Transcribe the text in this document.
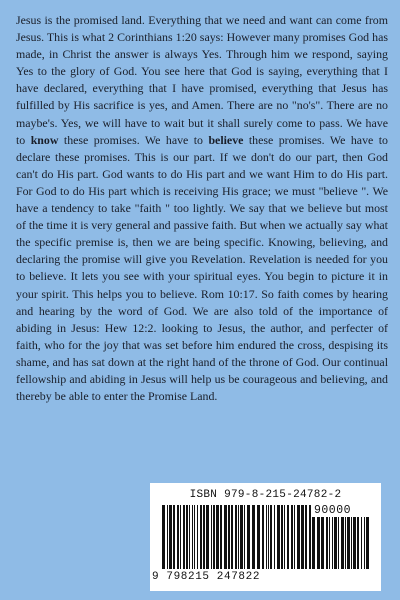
Jesus is the promised land. Everything that we need and want can come from Jesus. This is what 2 Corinthians 1:20 says: However many promises God has made, in Christ the answer is always Yes. Through him we respond, saying Yes to the glory of God. You see here that God is saying, everything that I have declared, everything that I have promised, everything that Jesus has fulfilled by His sacrifice is yes, and Amen. There are no "no's". There are no maybe's. Yes, we will have to wait but it shall surely come to pass. We have to know these promises. We have to believe these promises. We have to declare these promises. This is our part. If we don't do our part, then God can't do His part. God wants to do His part and we want Him to do His part. For God to do His part which is receiving His grace; we must "believe ". We have a tendency to take "faith " too lightly. We say that we believe but most of the time it is very general and passive faith. But when we actually say what the specific premise is, then we are being specific. Knowing, believing, and declaring the promise will give you Revelation. Revelation is needed for you to believe. It lets you see with your spiritual eyes. You begin to picture it in your spirit. This helps you to believe. Rom 10:17. So faith comes by hearing and hearing by the word of God. We are also told of the importance of abiding in Jesus: Hew 12:2. looking to Jesus, the author, and perfecter of faith, who for the joy that was set before him endured the cross, despising its shame, and has sat down at the right hand of the throne of God. Our continual fellowship and abiding in Jesus will help us be courageous and believing, and thereby be able to enter the Promise Land.

ISBN 979-8-215-24782-2
90000
9 798215 247822
